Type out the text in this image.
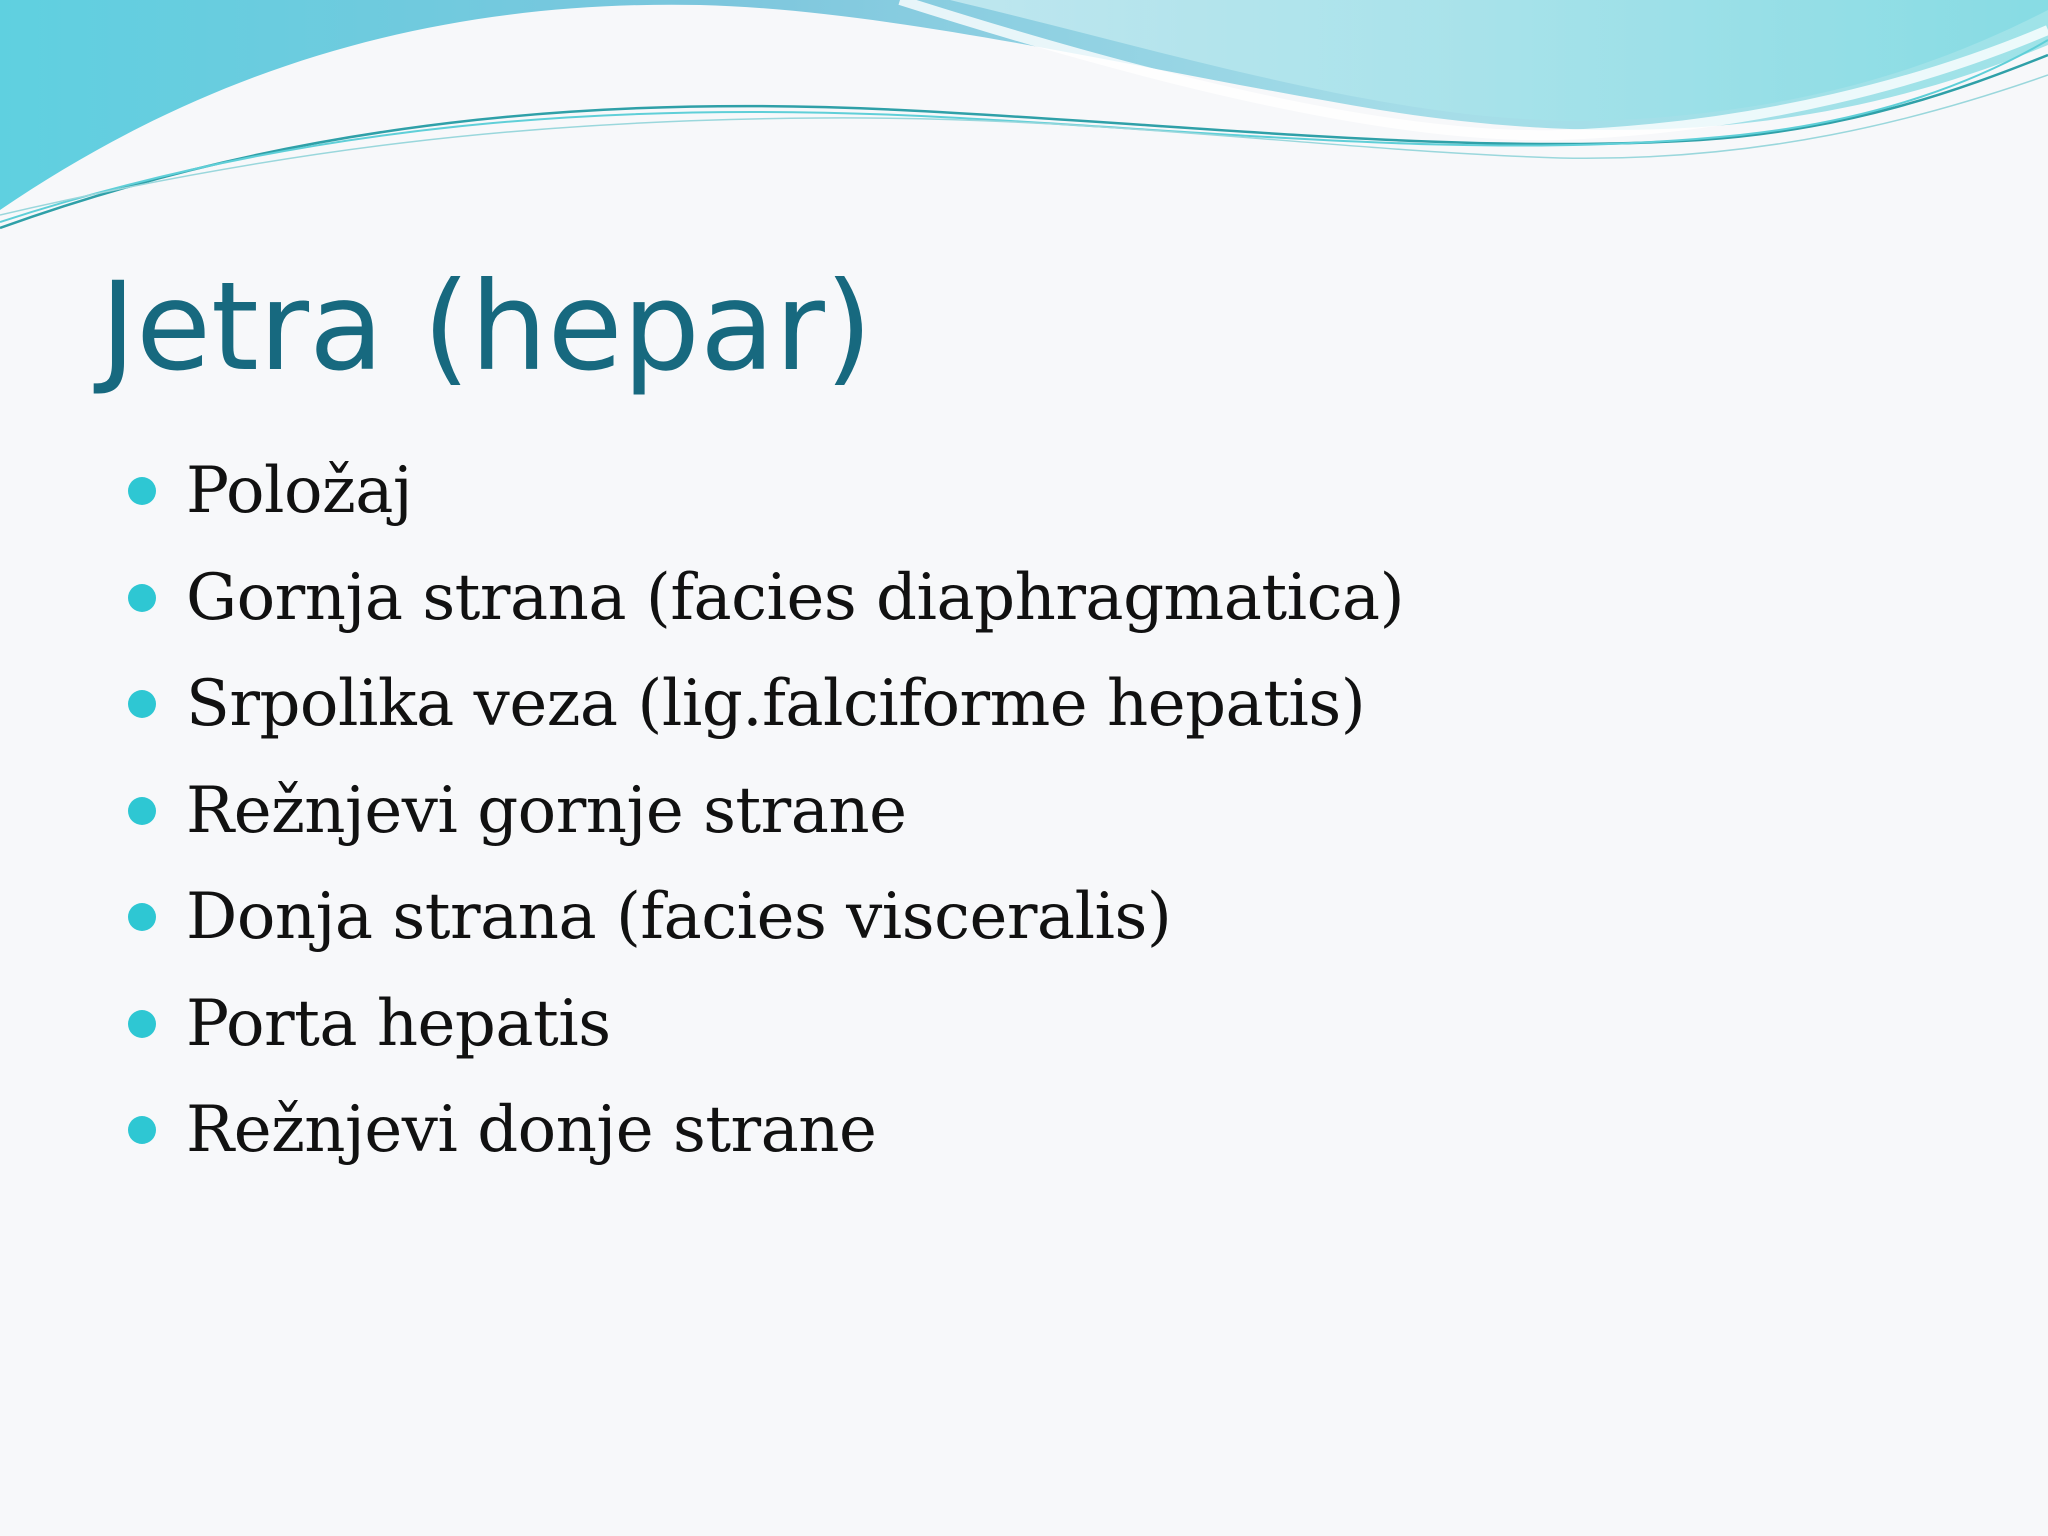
Jetra (hepar)
Položaj
Gornja strana (facies diaphragmatica)
Srpolika veza (lig.falciforme hepatis)
Režnjevi gornje strane
Donja strana (facies visceralis)
Porta hepatis
Režnjevi donje strane
